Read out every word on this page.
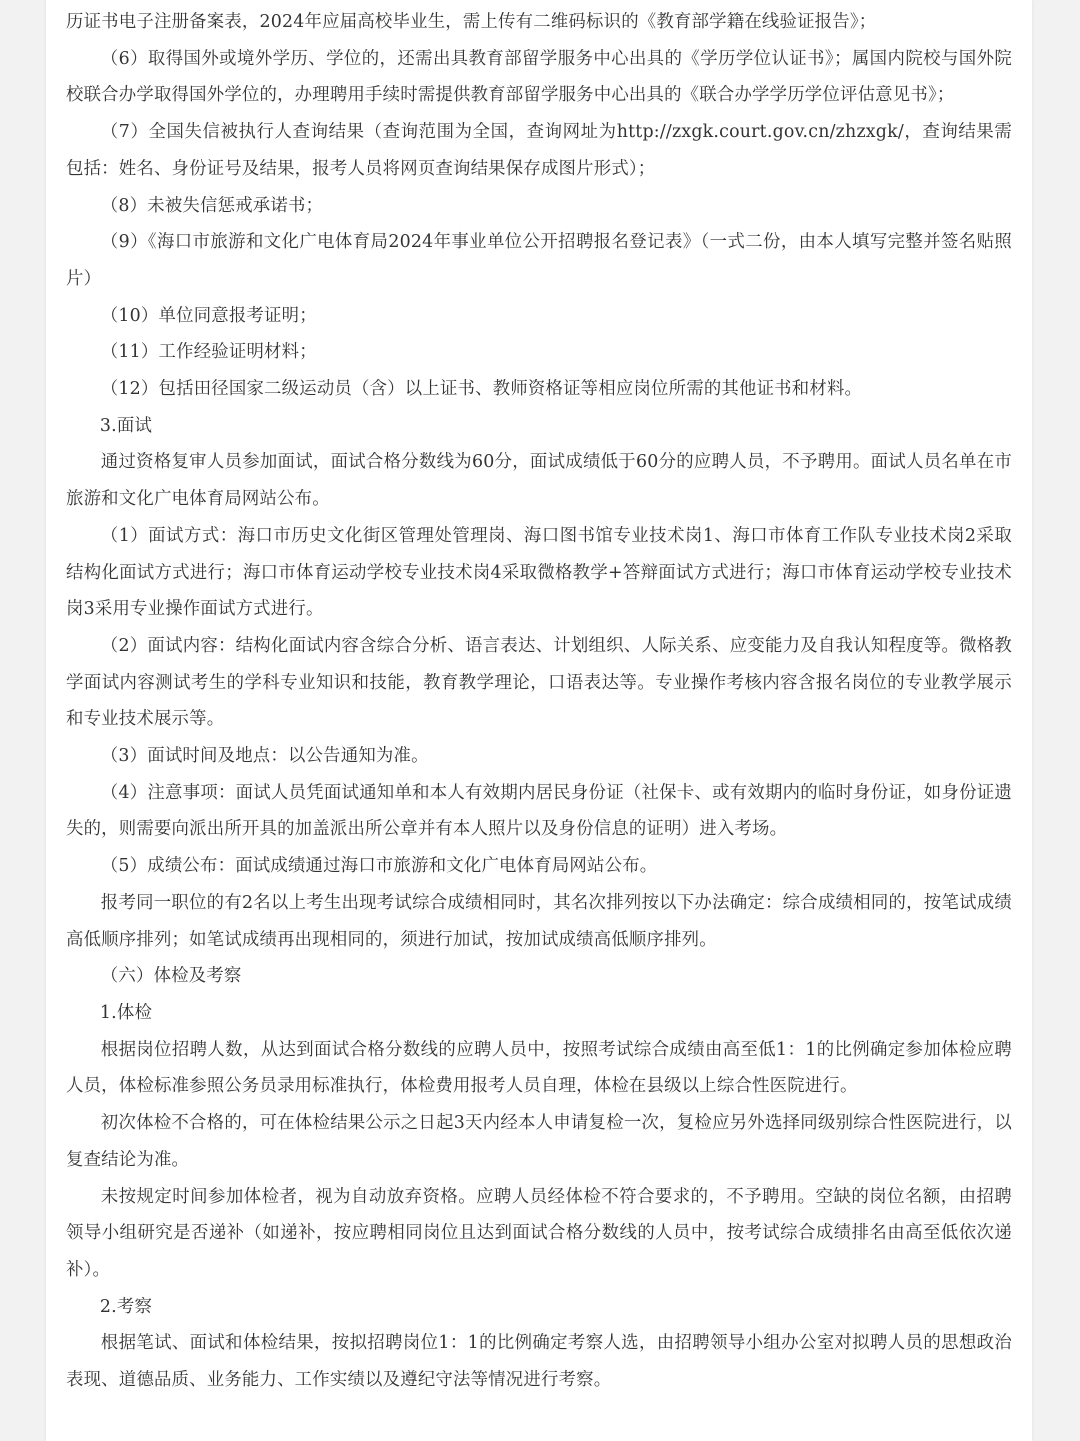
历证书电子注册备案表，2024年应届高校毕业生，需上传有二维码标识的《教育部学籍在线验证报告》；

（6）取得国外或境外学历、学位的，还需出具教育部留学服务中心出具的《学历学位认证书》；属国内院校与国外院校联合办学取得国外学位的，办理聘用手续时需提供教育部留学服务中心出具的《联合办学学历学位评估意见书》；

（7）全国失信被执行人查询结果（查询范围为全国，查询网址为http://zxgk.court.gov.cn/zhzxgk/，查询结果需包括：姓名、身份证号及结果，报考人员将网页查询结果保存成图片形式）；

（8）未被失信惩戒承诺书；

（9）《海口市旅游和文化广电体育局2024年事业单位公开招聘报名登记表》（一式二份，由本人填写完整并签名贴照片）

（10）单位同意报考证明；

（11）工作经验证明材料；

（12）包括田径国家二级运动员（含）以上证书、教师资格证等相应岗位所需的其他证书和材料。

3.面试

通过资格复审人员参加面试，面试合格分数线为60分，面试成绩低于60分的应聘人员，不予聘用。面试人员名单在市旅游和文化广电体育局网站公布。

（1）面试方式：海口市历史文化街区管理处管理岗、海口图书馆专业技术岗1、海口市体育工作队专业技术岗2采取结构化面试方式进行；海口市体育运动学校专业技术岗4采取微格教学+答辩面试方式进行；海口市体育运动学校专业技术岗3采用专业操作面试方式进行。

（2）面试内容：结构化面试内容含综合分析、语言表达、计划组织、人际关系、应变能力及自我认知程度等。微格教学面试内容测试考生的学科专业知识和技能，教育教学理论，口语表达等。专业操作考核内容含报名岗位的专业教学展示和专业技术展示等。

（3）面试时间及地点：以公告通知为准。

（4）注意事项：面试人员凭面试通知单和本人有效期内居民身份证（社保卡、或有效期内的临时身份证，如身份证遗失的，则需要向派出所开具的加盖派出所公章并有本人照片以及身份信息的证明）进入考场。

（5）成绩公布：面试成绩通过海口市旅游和文化广电体育局网站公布。

报考同一职位的有2名以上考生出现考试综合成绩相同时，其名次排列按以下办法确定：综合成绩相同的，按笔试成绩高低顺序排列；如笔试成绩再出现相同的，须进行加试，按加试成绩高低顺序排列。

（六）体检及考察

1.体检

根据岗位招聘人数，从达到面试合格分数线的应聘人员中，按照考试综合成绩由高至低1：1的比例确定参加体检应聘人员，体检标准参照公务员录用标准执行，体检费用报考人员自理，体检在县级以上综合性医院进行。

初次体检不合格的，可在体检结果公示之日起3天内经本人申请复检一次，复检应另外选择同级别综合性医院进行，以复查结论为准。

未按规定时间参加体检者，视为自动放弃资格。应聘人员经体检不符合要求的，不予聘用。空缺的岗位名额，由招聘领导小组研究是否递补（如递补，按应聘相同岗位且达到面试合格分数线的人员中，按考试综合成绩排名由高至低依次递补）。

2.考察

根据笔试、面试和体检结果，按拟招聘岗位1：1的比例确定考察人选，由招聘领导小组办公室对拟聘人员的思想政治表现、道德品质、业务能力、工作实绩以及遵纪守法等情况进行考察。
